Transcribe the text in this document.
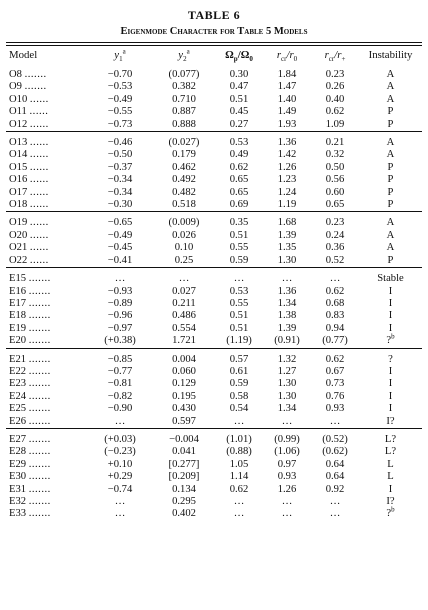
TABLE 6
Eigenmode Character for Table 5 Models
Model	$y_1^a$	$y_2^a$	$\Omega_p/\Omega_0$	$r_{cr}/r_0$	$r_{cr}/r_+$	Instability

O8 .......	−0.70	(0.077)	0.30	1.84	0.23	A
O9 .......	−0.53	0.382	0.47	1.47	0.26	A
O10 ......	−0.49	0.710	0.51	1.40	0.40	A
O11 ......	−0.55	0.887	0.45	1.49	0.62	P
O12 ......	−0.73	0.888	0.27	1.93	1.09	P

O13 ......	−0.46	(0.027)	0.53	1.36	0.21	A
O14 ......	−0.50	0.179	0.49	1.42	0.32	A
O15 ......	−0.37	0.462	0.62	1.26	0.50	P
O16 ......	−0.34	0.492	0.65	1.23	0.56	P
O17 ......	−0.34	0.482	0.65	1.24	0.60	P
O18 ......	−0.30	0.518	0.69	1.19	0.65	P

O19 ......	−0.65	(0.009)	0.35	1.68	0.23	A
O20 ......	−0.49	0.026	0.51	1.39	0.24	A
O21 ......	−0.45	0.10	0.55	1.35	0.36	A
O22 ......	−0.41	0.25	0.59	1.30	0.52	P

E15 .......	…	…	…	…	…	Stable
E16 .......	−0.93	0.027	0.53	1.36	0.62	I
E17 .......	−0.89	0.211	0.55	1.34	0.68	I
E18 .......	−0.96	0.486	0.51	1.38	0.83	I
E19 .......	−0.97	0.554	0.51	1.39	0.94	I
E20 .......	(+0.38)	1.721	(1.19)	(0.91)	(0.77)	?$^b$

E21 .......	−0.85	0.004	0.57	1.32	0.62	?
E22 .......	−0.77	0.060	0.61	1.27	0.67	I
E23 .......	−0.81	0.129	0.59	1.30	0.73	I
E24 .......	−0.82	0.195	0.58	1.30	0.76	I
E25 .......	−0.90	0.430	0.54	1.34	0.93	I
E26 .......	…	0.597	…	…	…	I?

E27 .......	(+0.03)	−0.004	(1.01)	(0.99)	(0.52)	L?
E28 .......	(−0.23)	0.041	(0.88)	(1.06)	(0.62)	L?
E29 .......	+0.10	[0.277]	1.05	0.97	0.64	L
E30 .......	+0.29	[0.209]	1.14	0.93	0.64	L
E31 .......	−0.74	0.134	0.62	1.26	0.92	I
E32 .......	…	0.295	…	…	…	I?
E33 .......	…	0.402	…	…	…	?$^b$
